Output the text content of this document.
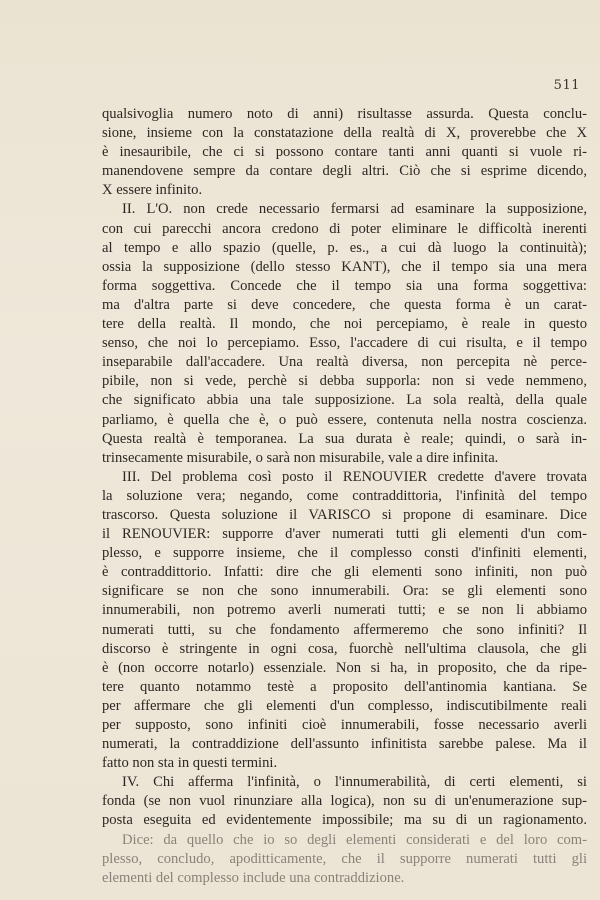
511
qualsivoglia numero noto di anni) risultasse assurda. Questa conclu-
sione, insieme con la constatazione della realtà di X, proverebbe che X
è inesauribile, che ci si possono contare tanti anni quanti si vuole ri-
manendovene sempre da contare degli altri. Ciò che si esprime dicendo,
X essere infinito.
II. L'O. non crede necessario fermarsi ad esaminare la supposizione,
con cui parecchi ancora credono di poter eliminare le difficoltà inerenti
al tempo e allo spazio (quelle, p. es., a cui dà luogo la continuità);
ossia la supposizione (dello stesso KANT), che il tempo sia una mera
forma soggettiva. Concede che il tempo sia una forma soggettiva:
ma d'altra parte si deve concedere, che questa forma è un carat-
tere della realtà. Il mondo, che noi percepiamo, è reale in questo
senso, che noi lo percepiamo. Esso, l'accadere di cui risulta, e il tempo
inseparabile dall'accadere. Una realtà diversa, non percepita nè perce-
pibile, non si vede, perchè si debba supporla: non si vede nemmeno,
che significato abbia una tale supposizione. La sola realtà, della quale
parliamo, è quella che è, o può essere, contenuta nella nostra coscienza.
Questa realtà è temporanea. La sua durata è reale; quindi, o sarà in-
trinsecamente misurabile, o sarà non misurabile, vale a dire infinita.
III. Del problema così posto il RENOUVIER credette d'avere trovata
la soluzione vera; negando, come contraddittoria, l'infinità del tempo
trascorso. Questa soluzione il VARISCO si propone di esaminare. Dice
il RENOUVIER: supporre d'aver numerati tutti gli elementi d'un com-
plesso, e supporre insieme, che il complesso consti d'infiniti elementi,
è contraddittorio. Infatti: dire che gli elementi sono infiniti, non può
significare se non che sono innumerabili. Ora: se gli elementi sono
innumerabili, non potremo averli numerati tutti; e se non li abbiamo
numerati tutti, su che fondamento affermeremo che sono infiniti? Il
discorso è stringente in ogni cosa, fuorchè nell'ultima clausola, che gli
è (non occorre notarlo) essenziale. Non si ha, in proposito, che da ripe-
tere quanto notammo testè a proposito dell'antinomia kantiana. Se
per affermare che gli elementi d'un complesso, indiscutibilmente reali
per supposto, sono infiniti cioè innumerabili, fosse necessario averli
numerati, la contraddizione dell'assunto infinitista sarebbe palese. Ma il
fatto non sta in questi termini.
IV. Chi afferma l'infinità, o l'innumerabilità, di certi elementi, si
fonda (se non vuol rinunziare alla logica), non su di un'enumerazione sup-
posta eseguita ed evidentemente impossibile; ma su di un ragionamento.
Dice: da quello che io so degli elementi considerati e del loro com-
plesso, concludo, apoditticamente, che il supporre numerati tutti gli
elementi del complesso include una contraddizione.
